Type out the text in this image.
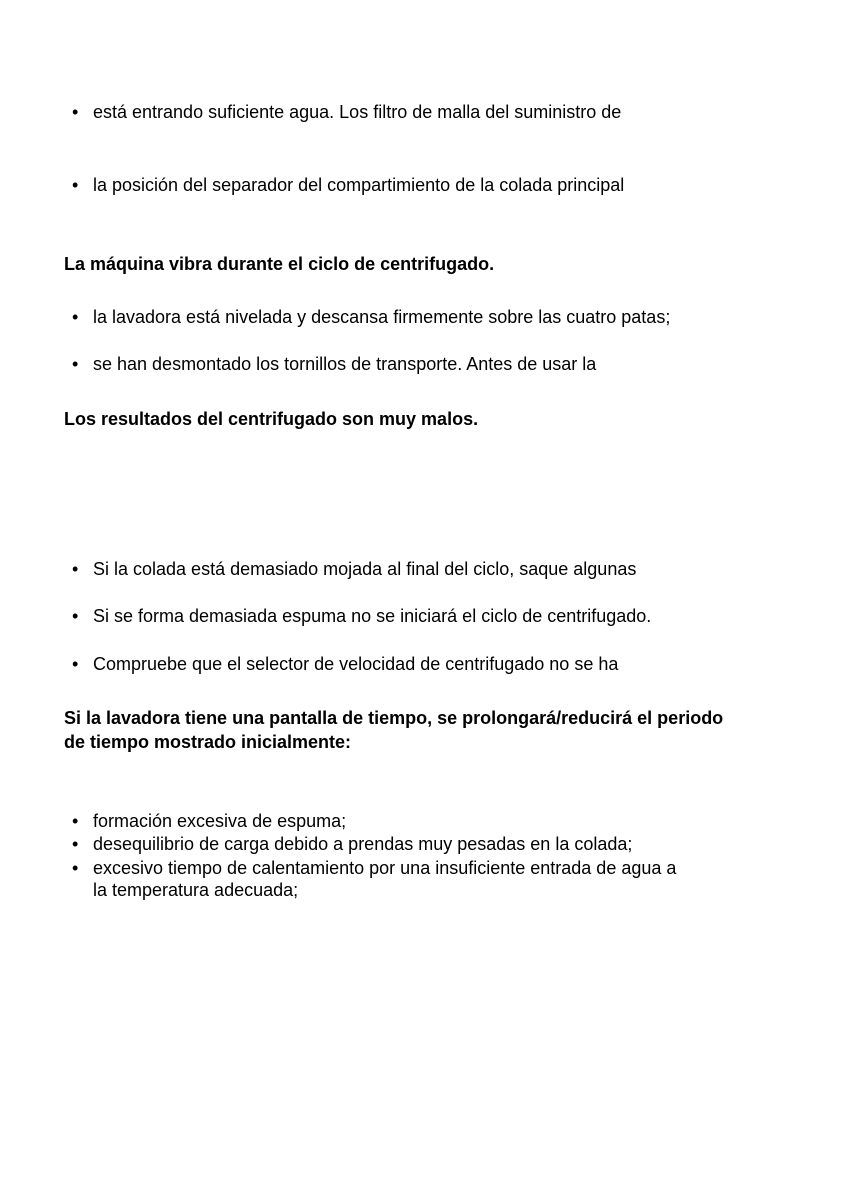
• está entrando suficiente agua. Los filtro de malla del suministro de
• la posición del separador del compartimiento de la colada principal
La máquina vibra durante el ciclo de centrifugado.
• la lavadora está nivelada y descansa firmemente sobre las cuatro patas;
• se han desmontado los tornillos de transporte. Antes de usar la
Los resultados del centrifugado son muy malos.
• Si la colada está demasiado mojada al final del ciclo, saque algunas
• Si se forma demasiada espuma no se iniciará el ciclo de centrifugado.
• Compruebe que el selector de velocidad de centrifugado no se ha
Si la lavadora tiene una pantalla de tiempo, se prolongará/reducirá el periodo de tiempo mostrado inicialmente:
• formación excesiva de espuma;
• desequilibrio de carga debido a prendas muy pesadas en la colada;
• excesivo tiempo de calentamiento por una insuficiente entrada de agua a la temperatura adecuada;
